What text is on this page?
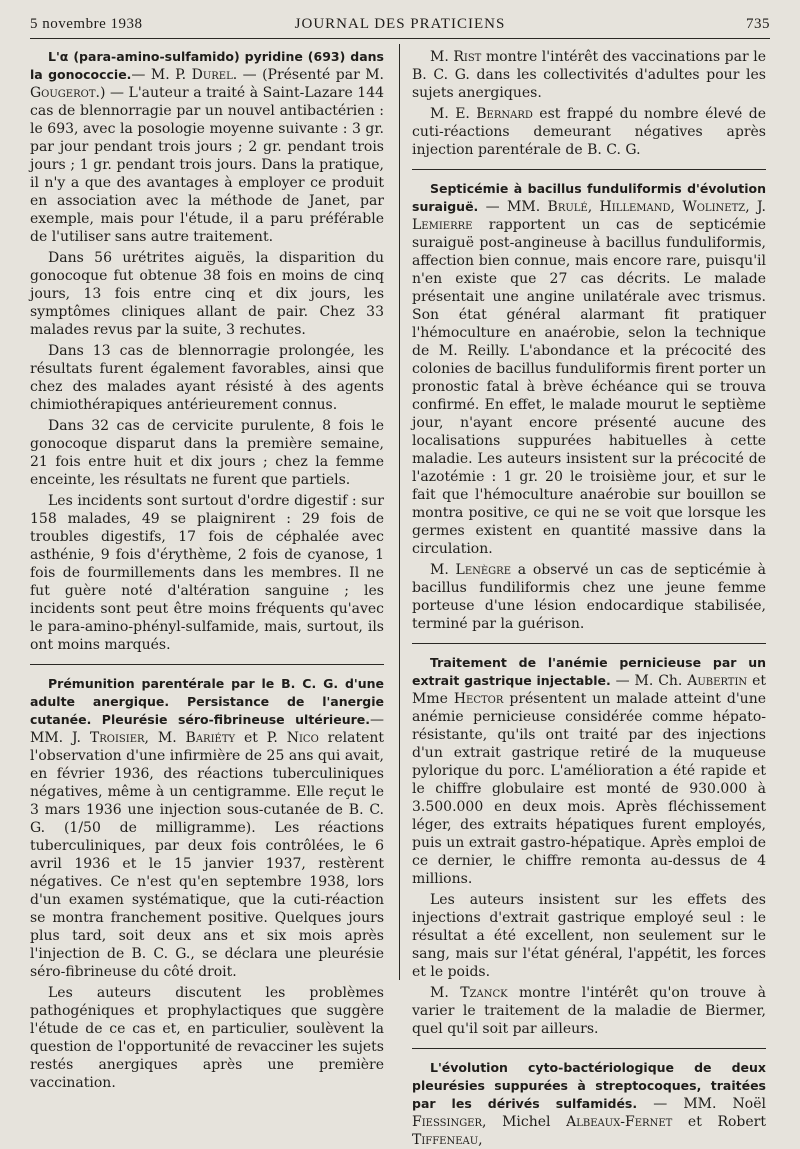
5 novembre 1938	JOURNAL DES PRATICIENS	735

L'α (para-amino-sulfamido) pyridine (693) dans la gonococcie.— M. P. Durel. — (Présenté par M. Gougerot.) — L'auteur a traité à Saint-Lazare 144 cas de blennorragie par un nouvel antibactérien : le 693, avec la posologie moyenne suivante : 3 gr. par jour pendant trois jours ; 2 gr. pendant trois jours ; 1 gr. pendant trois jours. Dans la pratique, il n'y a que des avantages à employer ce produit en association avec la méthode de Janet, par exemple, mais pour l'étude, il a paru préférable de l'utiliser sans autre traitement.

Dans 56 urétrites aiguës, la disparition du gonocoque fut obtenue 38 fois en moins de cinq jours, 13 fois entre cinq et dix jours, les symptômes cliniques allant de pair. Chez 33 malades revus par la suite, 3 rechutes.

Dans 13 cas de blennorragie prolongée, les résultats furent également favorables, ainsi que chez des malades ayant résisté à des agents chimiothérapiques antérieurement connus.

Dans 32 cas de cervicite purulente, 8 fois le gonocoque disparut dans la première semaine, 21 fois entre huit et dix jours ; chez la femme enceinte, les résultats ne furent que partiels.

Les incidents sont surtout d'ordre digestif : sur 158 malades, 49 se plaignirent : 29 fois de troubles digestifs, 17 fois de céphalée avec asthénie, 9 fois d'érythème, 2 fois de cyanose, 1 fois de fourmillements dans les membres. Il ne fut guère noté d'altération sanguine ; les incidents sont peut être moins fréquents qu'avec le para-amino-phényl-sulfamide, mais, surtout, ils ont moins marqués.

Prémunition parentérale par le B. C. G. d'une adulte anergique. Persistance de l'anergie cutanée. Pleurésie séro-fibrineuse ultérieure.— MM. J. Troisier, M. Bariéty et P. Nico relatent l'observation d'une infirmière de 25 ans qui avait, en février 1936, des réactions tuberculiniques négatives, même à un centigramme. Elle reçut le 3 mars 1936 une injection sous-cutanée de B. C. G. (1/50 de milligramme). Les réactions tuberculiniques, par deux fois contrôlées, le 6 avril 1936 et le 15 janvier 1937, restèrent négatives. Ce n'est qu'en septembre 1938, lors d'un examen systématique, que la cuti-réaction se montra franchement positive. Quelques jours plus tard, soit deux ans et six mois après l'injection de B. C. G., se déclara une pleurésie séro-fibrineuse du côté droit.

Les auteurs discutent les problèmes pathogéniques et prophylactiques que suggère l'étude de ce cas et, en particulier, soulèvent la question de l'opportunité de revacciner les sujets restés anergiques après une première vaccination.

M. Rist montre l'intérêt des vaccinations par le B. C. G. dans les collectivités d'adultes pour les sujets anergiques.

M. E. Bernard est frappé du nombre élevé de cuti-réactions demeurant négatives après injection parentérale de B. C. G.

Septicémie à bacillus funduliformis d'évolution suraiguë. — MM. Brulé, Hillemand, Wolinetz, J. Lemierre rapportent un cas de septicémie suraiguë post-angineuse à bacillus funduliformis, affection bien connue, mais encore rare, puisqu'il n'en existe que 27 cas décrits. Le malade présentait une angine unilatérale avec trismus. Son état général alarmant fit pratiquer l'hémoculture en anaérobie, selon la technique de M. Reilly. L'abondance et la précocité des colonies de bacillus funduliformis firent porter un pronostic fatal à brève échéance qui se trouva confirmé. En effet, le malade mourut le septième jour, n'ayant encore présenté aucune des localisations suppurées habituelles à cette maladie. Les auteurs insistent sur la précocité de l'azotémie : 1 gr. 20 le troisième jour, et sur le fait que l'hémoculture anaérobie sur bouillon se montra positive, ce qui ne se voit que lorsque les germes existent en quantité massive dans la circulation.

M. Lenègre a observé un cas de septicémie à bacillus fundiliformis chez une jeune femme porteuse d'une lésion endocardique stabilisée, terminé par la guérison.

Traitement de l'anémie pernicieuse par un extrait gastrique injectable. — M. Ch. Aubertin et Mme Hector présentent un malade atteint d'une anémie pernicieuse considérée comme hépato-résistante, qu'ils ont traité par des injections d'un extrait gastrique retiré de la muqueuse pylorique du porc. L'amélioration a été rapide et le chiffre globulaire est monté de 930.000 à 3.500.000 en deux mois. Après fléchissement léger, des extraits hépatiques furent employés, puis un extrait gastro-hépatique. Après emploi de ce dernier, le chiffre remonta au-dessus de 4 millions.

Les auteurs insistent sur les effets des injections d'extrait gastrique employé seul : le résultat a été excellent, non seulement sur le sang, mais sur l'état général, l'appétit, les forces et le poids.

M. Tzanck montre l'intérêt qu'on trouve à varier le traitement de la maladie de Biermer, quel qu'il soit par ailleurs.

L'évolution cyto-bactériologique de deux pleurésies suppurées à streptocoques, traitées par les dérivés sulfamidés. — MM. Noël Fiessinger, Michel Albeaux-Fernet et Robert Tiffeneau,
